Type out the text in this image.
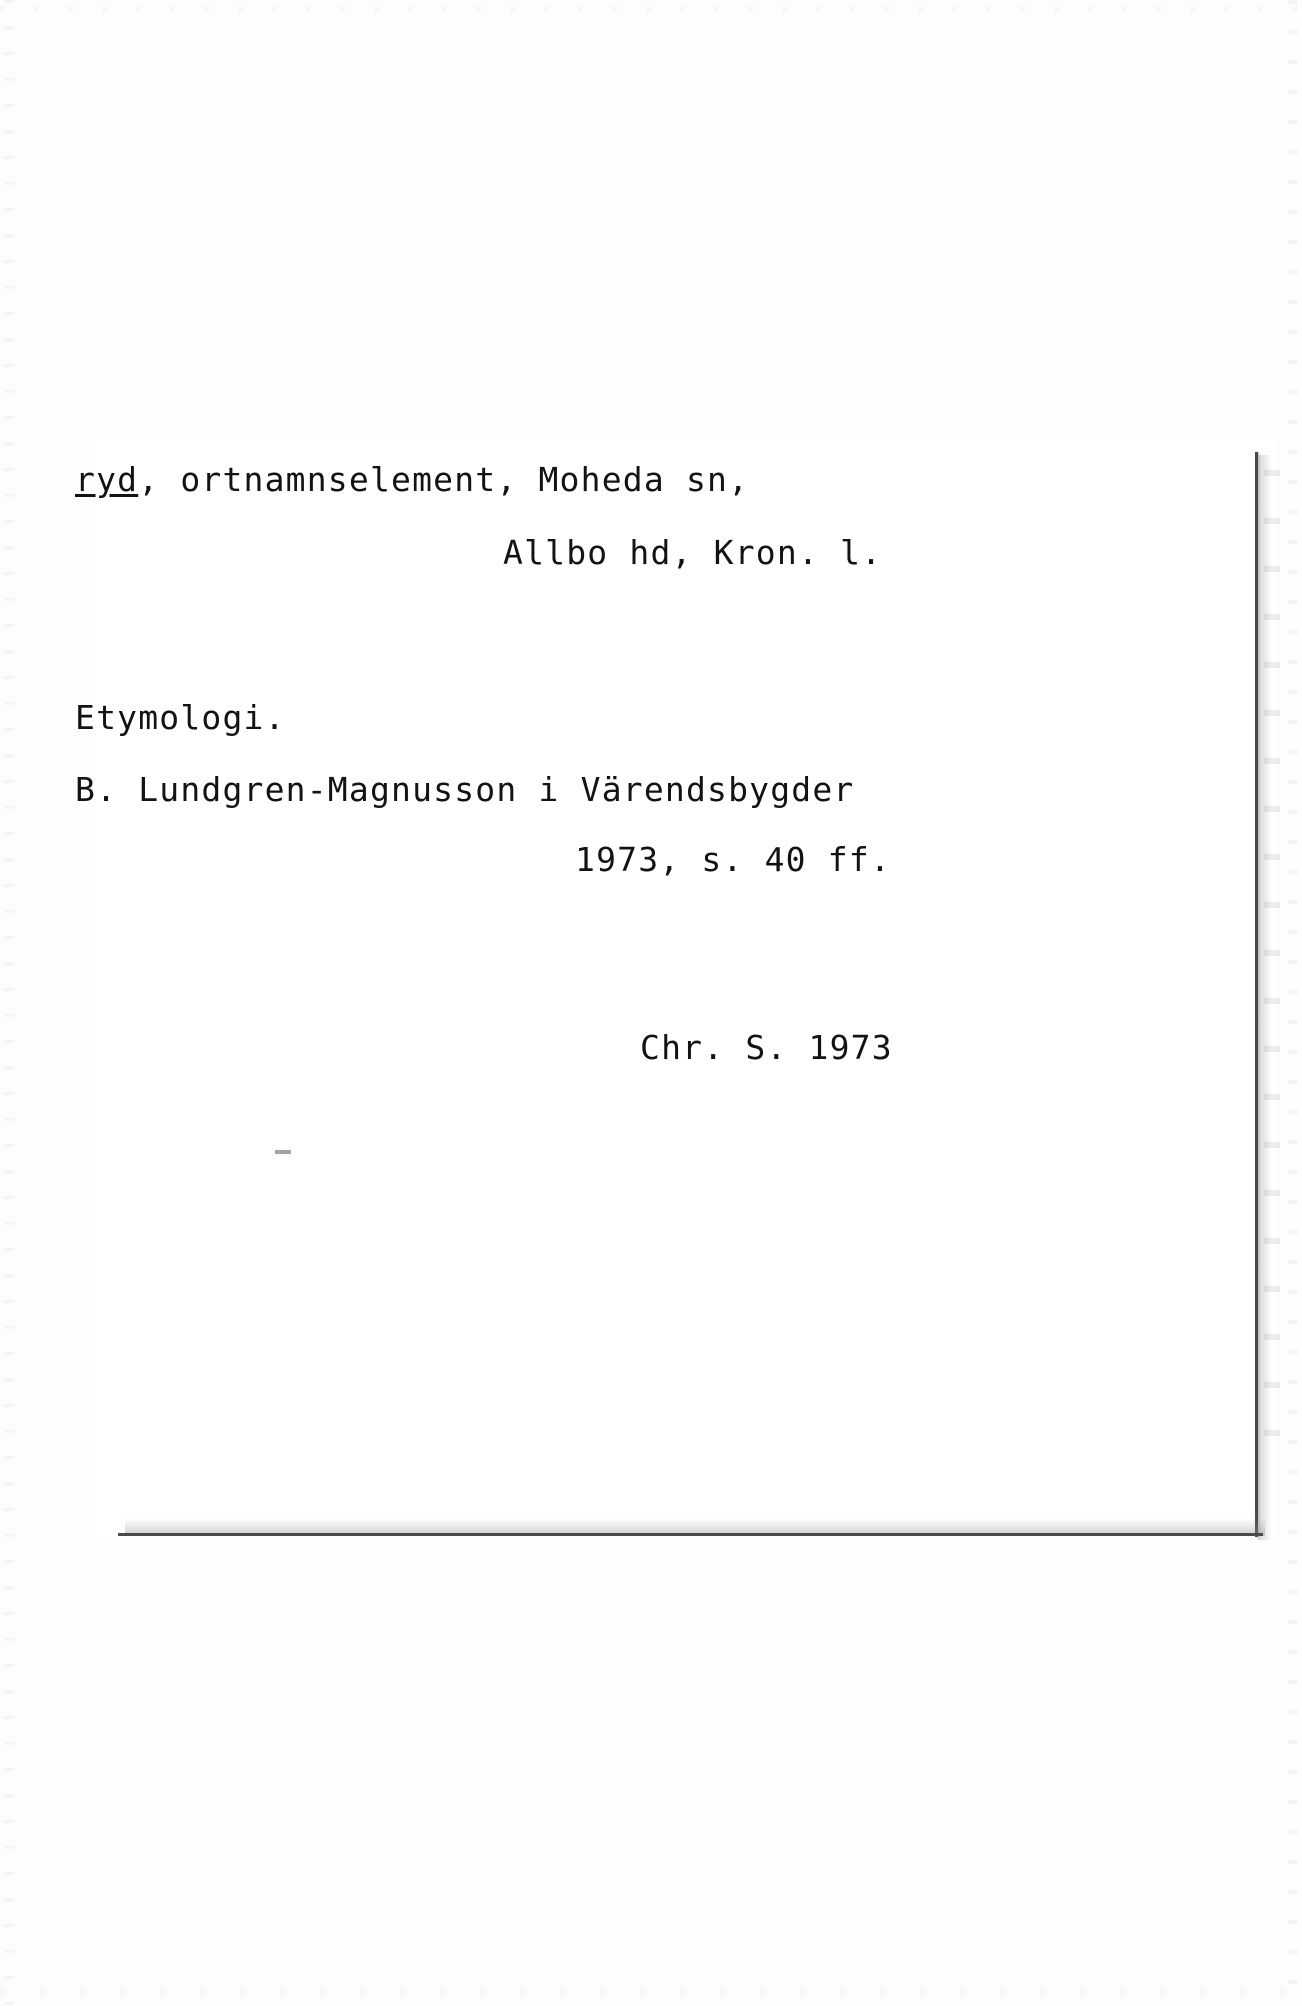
ryd, ortnamnselement, Moheda sn,
Allbo hd, Kron. l.
Etymologi.
B. Lundgren-Magnusson i Värendsbygder
1973, s. 40 ff.
Chr. S. 1973
